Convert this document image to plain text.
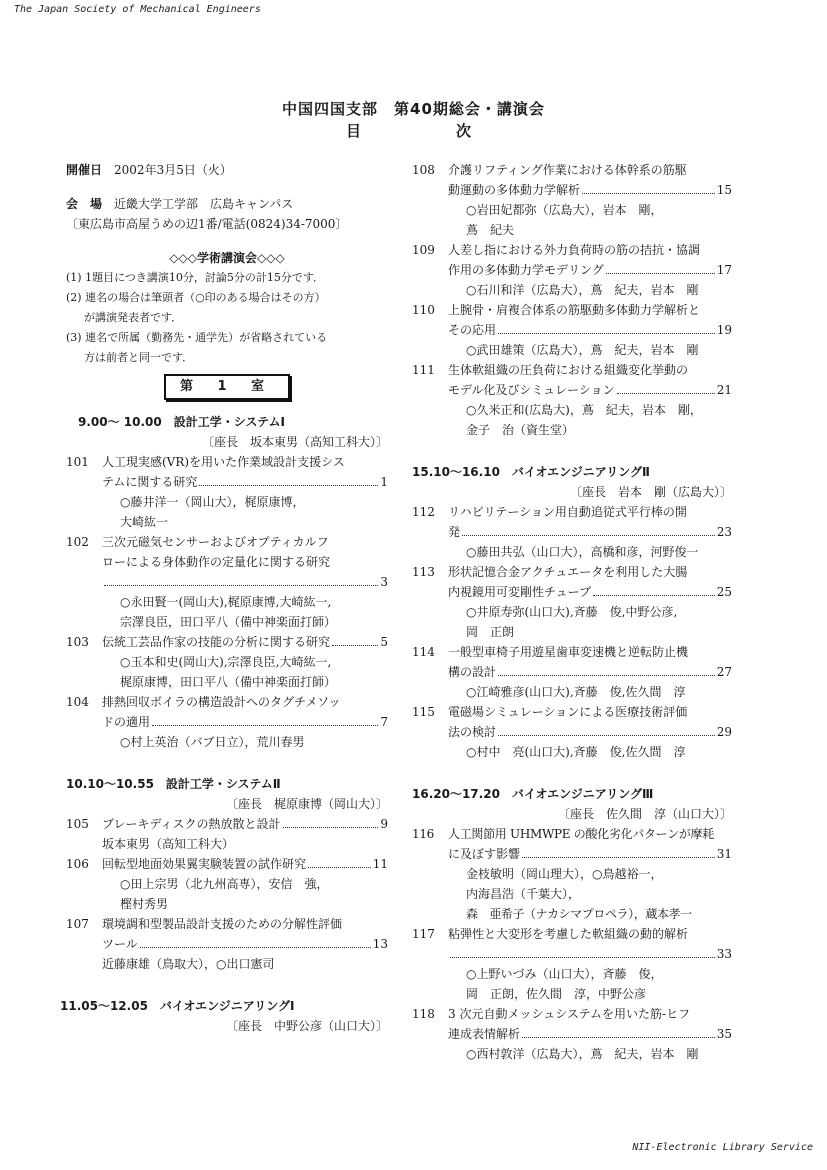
The Japan Society of Mechanical Engineers
中国四国支部　第40期総会・講演会
目　次
開催日　 2002年3月5日（火）
会　場　 近畿大学工学部　広島キャンパス
〔東広島市高屋うめの辺1番/電話(0824)34-7000〕
◇◇◇学術講演会◇◇◇
(1) 1題目につき講演10分，討論5分の計15分です．
(2) 連名の場合は筆頭者（○印のある場合はその方）
が講演発表者です．
(3) 連名で所属（勤務先・通学先）が省略されている
方は前者と同一です．
第 1 室
9.00～ 10.00　設計工学・システムⅠ
〔座長　坂本東男（高知工科大）〕
101 人工現実感(VR)を用いた作業域設計支援シス
テムに関する研究	1
○藤井洋一（岡山大），梶原康博，
大崎紘一
102 三次元磁気センサーおよびオプティカルフ
ローによる身体動作の定量化に関する研究
3
○永田賢一(岡山大),梶原康博,大崎紘一,
宗澤良臣，田口平八（備中神楽面打師）
103	伝統工芸品作家の技能の分析に関する研究	5
○玉本和史(岡山大),宗澤良臣,大崎紘一,
梶原康博，田口平八（備中神楽面打師）
104 排熱回収ボイラの構造設計へのタグチメソッ
ドの適用	7
○村上英治（バブ日立），荒川春男
10.10～10.55　設計工学・システムⅡ
〔座長　梶原康博（岡山大）〕
105	ブレーキディスクの熱放散と設計	9
坂本東男（高知工科大）
106	回転型地面効果翼実験装置の試作研究	11
○田上宗男（北九州高専），安信　強，
樫村秀男
107 環境調和型製品設計支援のための分解性評価
ツール	13
近藤康雄（鳥取大），○出口憲司
11.05～12.05　バイオエンジニアリングⅠ
〔座長　中野公彦（山口大）〕
108 介護リフティング作業における体幹系の筋駆
動運動の多体動力学解析	15
○岩田妃都弥（広島大），岩本　剛，
蔦　紀夫
109 人差し指における外力負荷時の筋の拮抗・協調
作用の多体動力学モデリング	17
○石川和洋（広島大），蔦　紀夫，岩本　剛
110 上腕骨・肩複合体系の筋駆動多体動力学解析と
その応用	19
○武田雄策（広島大），蔦　紀夫，岩本　剛
111 生体軟組織の圧負荷における組織変化挙動の
モデル化及びシミュレーション	21
○久米正和(広島大)，蔦　紀夫，岩本　剛，
金子　治（資生堂）
15.10～16.10　バイオエンジニアリングⅡ
〔座長　岩本　剛（広島大）〕
112 リハビリテーション用自動追従式平行棒の開
発	23
○藤田共弘（山口大），高橋和彦，河野俊一
113 形状記憶合金アクチュエータを利用した大腸
内視鏡用可変剛性チューブ	25
○井原寿弥(山口大),斉藤　俊,中野公彦,
岡　正朗
114 一般型車椅子用遊星歯車変速機と逆転防止機
構の設計	27
○江崎雅彦(山口大),斉藤　俊,佐久間　淳
115 電磁場シミュレーションによる医療技術評価
法の検討	29
○村中　亮(山口大),斉藤　俊,佐久間　淳
16.20～17.20　バイオエンジニアリングⅢ
〔座長　佐久間　淳（山口大）〕
116 人工関節用 UHMWPE の酸化劣化パターンが摩耗
に及ぼす影響	31
金枝敏明（岡山理大），○鳥越裕一，
内海昌浩（千葉大），
森　亜希子（ナカシマプロペラ），蔵本孝一
117 粘弾性と大変形を考慮した軟組織の動的解析
33
○上野いづみ（山口大），斉藤　俊，
岡　正朗，佐久間　淳，中野公彦
118 3 次元自動メッシュシステムを用いた筋-ヒフ
連成表情解析	35
○西村敦洋（広島大），蔦　紀夫，岩本　剛
NII-Electronic Library Service
